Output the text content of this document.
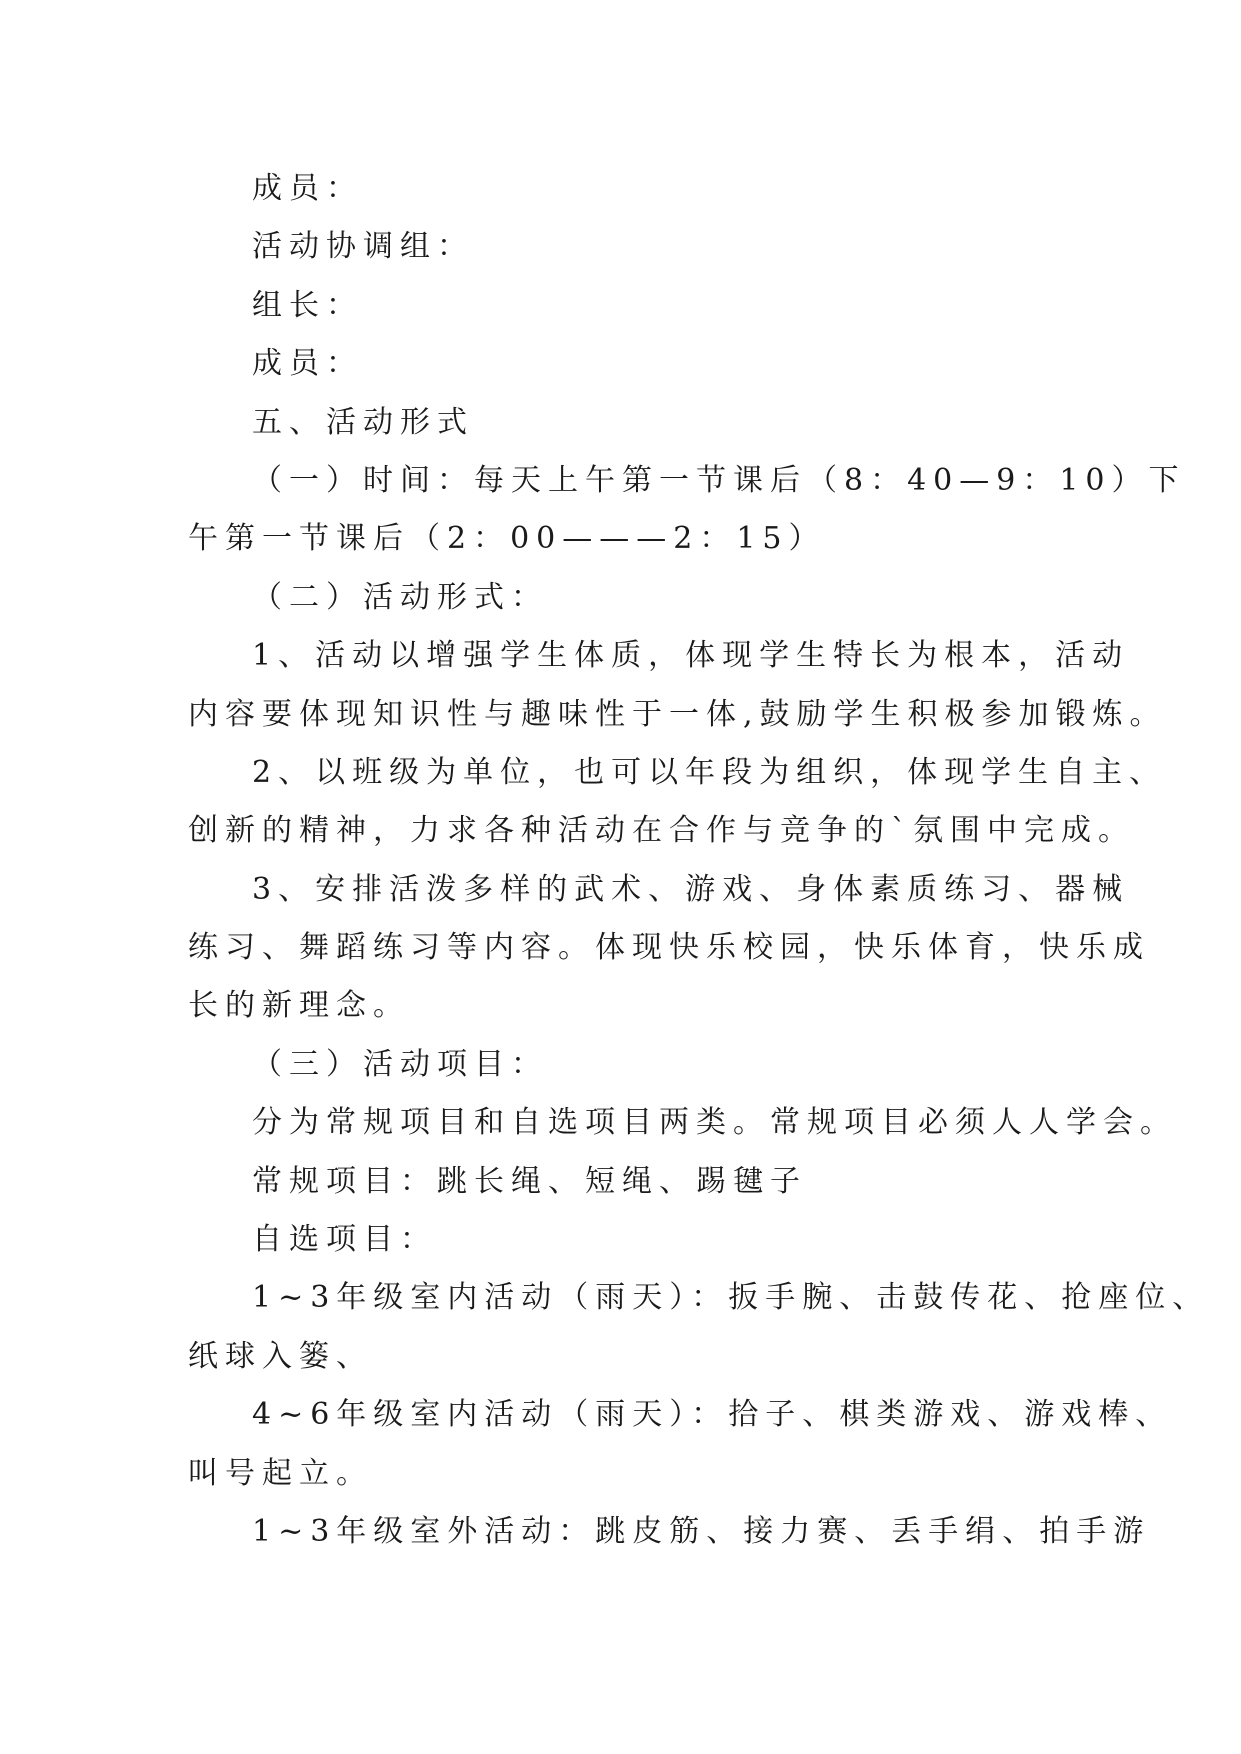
成员：
活动协调组：
组长：
成员：
五、活动形式
（一）时间：每天上午第一节课后（8：40—9：10）下
午第一节课后（2：00———2：15）
（二）活动形式：
1、活动以增强学生体质，体现学生特长为根本，活动
内容要体现知识性与趣味性于一体,鼓励学生积极参加锻炼。
2、以班级为单位，也可以年段为组织，体现学生自主、
创新的精神，力求各种活动在合作与竞争的`氛围中完成。
3、安排活泼多样的武术、游戏、身体素质练习、器械
练习、舞蹈练习等内容。体现快乐校园，快乐体育，快乐成
长的新理念。
（三）活动项目：
分为常规项目和自选项目两类。常规项目必须人人学会。
常规项目：跳长绳、短绳、踢毽子
自选项目：
1~3年级室内活动（雨天）：扳手腕、击鼓传花、抢座位、
纸球入篓、
4~6年级室内活动（雨天）：拾子、棋类游戏、游戏棒、
叫号起立。
1~3年级室外活动：跳皮筋、接力赛、丢手绢、拍手游
